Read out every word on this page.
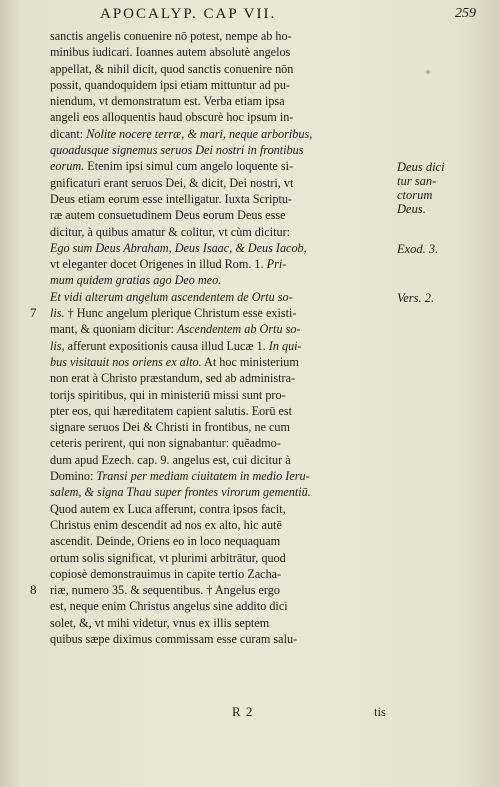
APOCALYP. CAP VII.	259
sanctis angelis conuenire nō potest, nempe ab ho-
minibus iudicari. Ioannes autem absolutè angelos
appellat, & nihil dicit, quod sanctis conuenire nōn
possit, quandoquidem ipsi etiam mittuntur ad pu-
niendum, vt demonstratum est. Verba etiam ipsa
angeli eos alloquentis haud obscurè hoc ipsum in-
dicant: Nolite nocere terræ, & mari, neque arboribus,
quoadusque signemus seruos Dei nostri in frontibus
eorum. Etenim ipsi simul cum angelo loquente si-
gnificaturi erant seruos Dei, & dicit, Dei nostri, vt
Deus etiam eorum esse intelligatur. Iuxta Scriptu-
ræ autem consuetudinem Deus eorum Deus esse
dicitur, à quibus amatur & colitur, vt cùm dicitur:
Ego sum Deus Abraham, Deus Isaac, & Deus Iacob,
vt eleganter docet Origenes in illud Rom. 1. Pri-
mum quidem gratias ago Deo meo.
Et vidi alterum angelum ascendentem de Ortu so-
lis. † Hunc angelum plerique Christum esse existi-
mant, & quoniam dicitur: Ascendentem ab Ortu so-
lis, afferunt expositionis causa illud Lucæ 1. In qui-
bus visitauit nos oriens ex alto. At hoc ministerium
non erat à Christo præstandum, sed ab administra-
torijs spiritibus, qui in ministeriū missi sunt pro-
pter eos, qui hæreditatem capient salutis. Eorū est
signare seruos Dei & Christi in frontibus, ne cum
ceteris perirent, qui non signabantur: quẽadmo-
dum apud Ezech. cap. 9. angelus est, cui dicitur à
Domino: Transi per mediam ciuitatem in medio Ieru-
salem, & signa Thau super frontes virorum gementiū.
Quod autem ex Luca afferunt, contra ipsos facit,
Christus enim descendit ad nos ex alto, hic autē
ascendit. Deinde, Oriens eo in loco nequaquam
ortum solis significat, vt plurimi arbitrātur, quod
copiosè demonstrauimus in capite tertio Zacha-
riæ, numero 35. & sequentibus. † Angelus ergo
est, neque enim Christus angelus sine addito dici
solet, &, vt mihi videtur, vnus ex illis septem
quibus sæpe diximus commissam esse curam salu-
7
8
Deus dici
tur san-
ctorum
Deus.
Exod. 3.
Vers. 2.
R 2	tis
